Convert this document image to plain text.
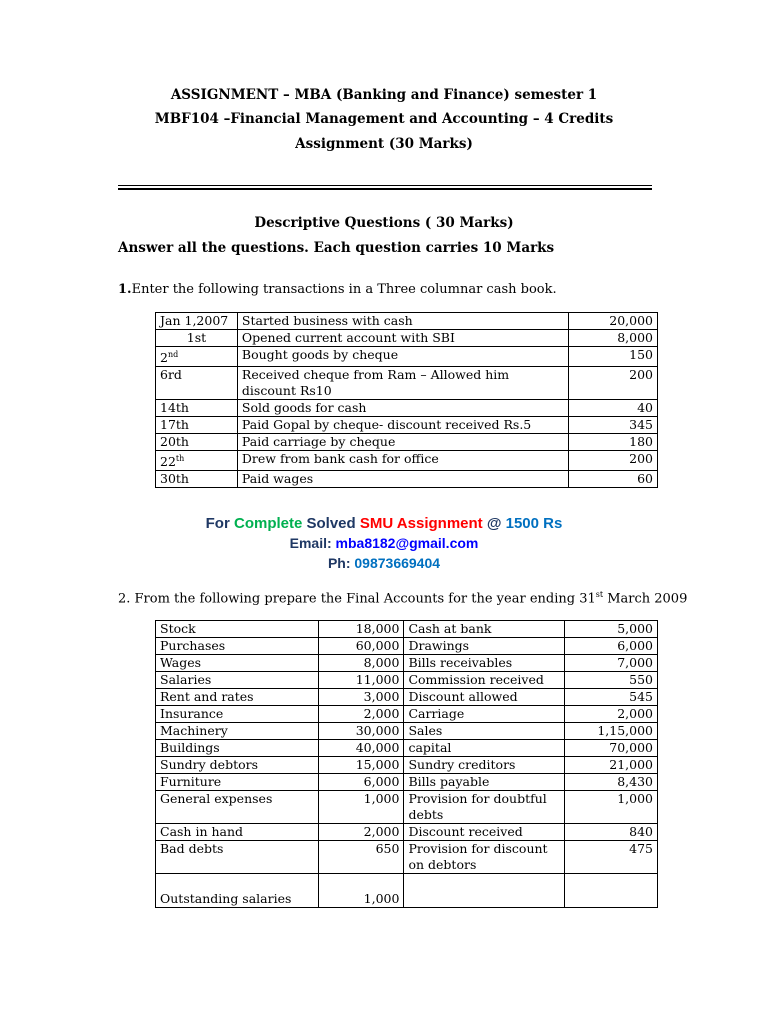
ASSIGNMENT – MBA (Banking and Finance) semester 1
MBF104 –Financial Management and Accounting – 4 Credits
Assignment (30 Marks)
Descriptive Questions ( 30 Marks)
Answer all the questions. Each question carries 10 Marks
1.Enter the following transactions in a Three columnar cash book.
Jan 1,2007	Started business with cash	20,000
1st	Opened current account with SBI	8,000
2nd	Bought goods by cheque	150
6rd	Received cheque from Ram – Allowed him discount Rs10	200
14th	Sold goods for cash	40
17th	Paid Gopal by cheque- discount received Rs.5	345
20th	Paid carriage by cheque	180
22th	Drew from bank cash for office	200
30th	Paid wages	60
For Complete Solved SMU Assignment @ 1500 Rs
Email: mba8182@gmail.com
Ph: 09873669404
2. From the following prepare the Final Accounts for the year ending 31st March 2009
Stock	18,000	Cash at bank	5,000
Purchases	60,000	Drawings	6,000
Wages	8,000	Bills receivables	7,000
Salaries	11,000	Commission received	550
Rent and rates	3,000	Discount allowed	545
Insurance	2,000	Carriage	2,000
Machinery	30,000	Sales	1,15,000
Buildings	40,000	capital	70,000
Sundry debtors	15,000	Sundry creditors	21,000
Furniture	6,000	Bills payable	8,430
General expenses	1,000	Provision for doubtful debts	1,000
Cash in hand	2,000	Discount received	840
Bad debts	650	Provision for discount on debtors	475
Outstanding salaries	1,000		
